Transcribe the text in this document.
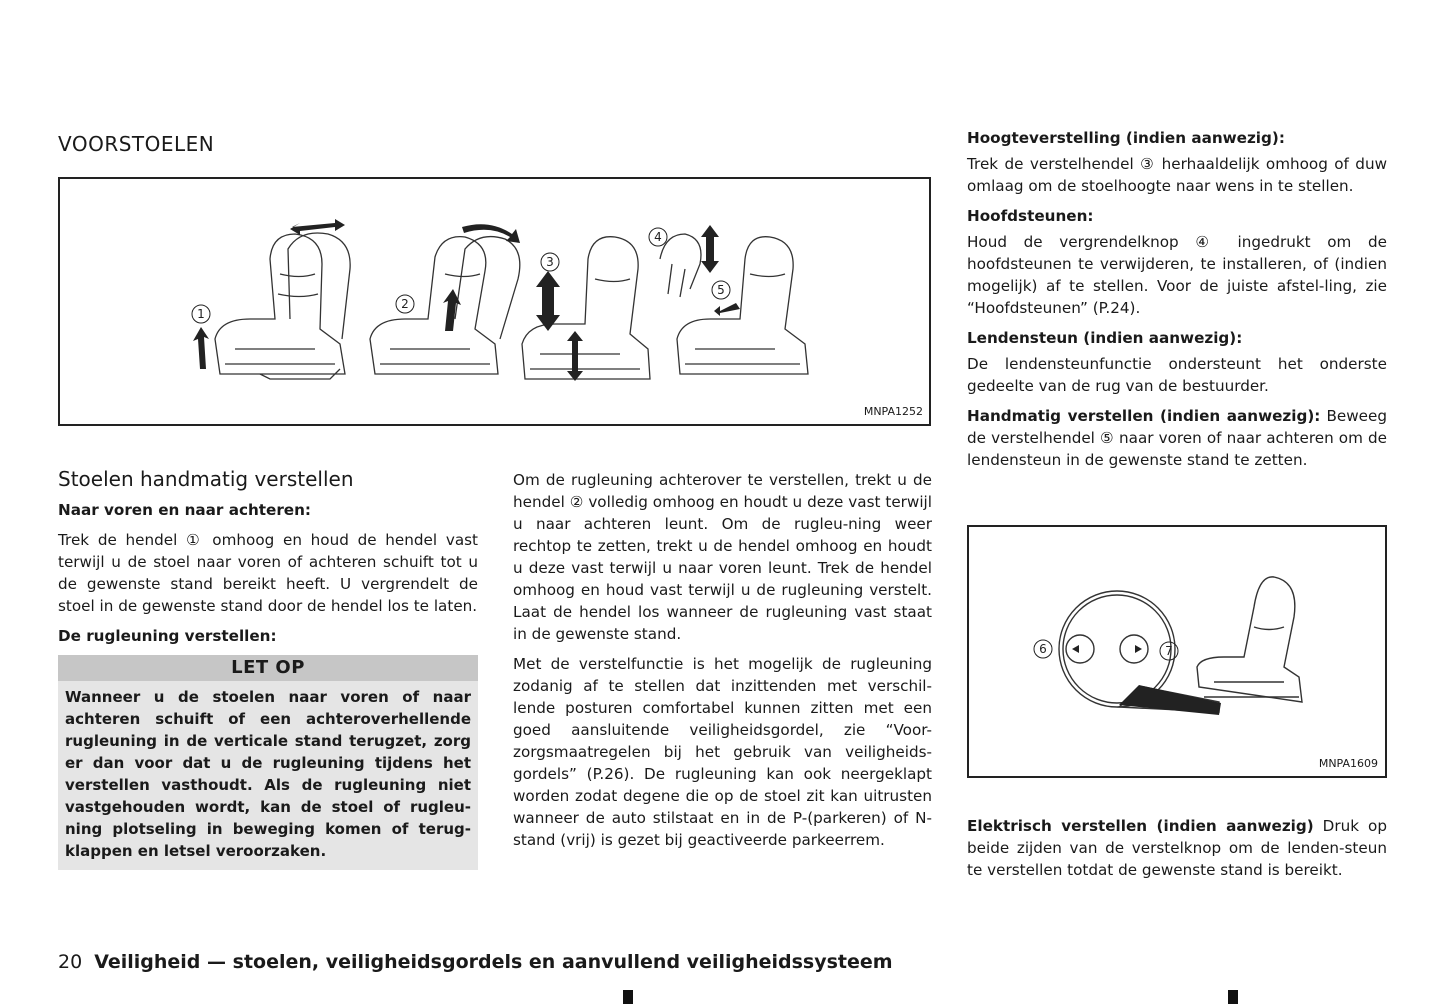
VOORSTOELEN
1
2
3
4
5
MNPA1252
Stoelen handmatig verstellen

Naar voren en naar achteren:

Trek de hendel ① omhoog en houd de hendel vast terwijl u de stoel naar voren of achteren schuift tot u de gewenste stand bereikt heeft. U vergrendelt de stoel in de gewenste stand door de hendel los te laten.

De rugleuning verstellen:

LET OP
Wanneer u de stoelen naar voren of naar achteren schuift of een achteroverhellende rugleuning in de verticale stand terugzet, zorg er dan voor dat u de rugleuning tijdens het verstellen vasthoudt. Als de rugleuning niet vastgehouden wordt, kan de stoel of rugleu-ning plotseling in beweging komen of terug-klappen en letsel veroorzaken.

Om de rugleuning achterover te verstellen, trekt u de hendel ② volledig omhoog en houdt u deze vast terwijl u naar achteren leunt. Om de rugleu-ning weer rechtop te zetten, trekt u de hendel omhoog en houdt u deze vast terwijl u naar voren leunt. Trek de hendel omhoog en houd vast terwijl u de rugleuning verstelt. Laat de hendel los wanneer de rugleuning vast staat in de gewenste stand.

Met de verstelfunctie is het mogelijk de rugleuning zodanig af te stellen dat inzittenden met verschil-lende posturen comfortabel kunnen zitten met een goed aansluitende veiligheidsgordel, zie “Voor-zorgsmaatregelen bij het gebruik van veiligheids-gordels” (P.26). De rugleuning kan ook neergeklapt worden zodat degene die op de stoel zit kan uitrusten wanneer de auto stilstaat en in de P-(parkeren) of N-stand (vrij) is gezet bij geactiveerde parkeerrem.

Hoogteverstelling (indien aanwezig):

Trek de verstelhendel ③ herhaaldelijk omhoog of duw omlaag om de stoelhoogte naar wens in te stellen.

Hoofdsteunen:

Houd de vergrendelknop ④ ingedrukt om de hoofdsteunen te verwijderen, te installeren, of (indien mogelijk) af te stellen. Voor de juiste afstel-ling, zie “Hoofdsteunen” (P.24).

Lendensteun (indien aanwezig):

De lendensteunfunctie ondersteunt het onderste gedeelte van de rug van de bestuurder.

Handmatig verstellen (indien aanwezig): Beweeg de verstelhendel ⑤ naar voren of naar achteren om de lendensteun in de gewenste stand te zetten.

6	7
MNPA1609

Elektrisch verstellen (indien aanwezig) Druk op beide zijden van de verstelknop om de lenden-steun te verstellen totdat de gewenste stand is bereikt.

20 Veiligheid — stoelen, veiligheidsgordels en aanvullend veiligheidssysteem
